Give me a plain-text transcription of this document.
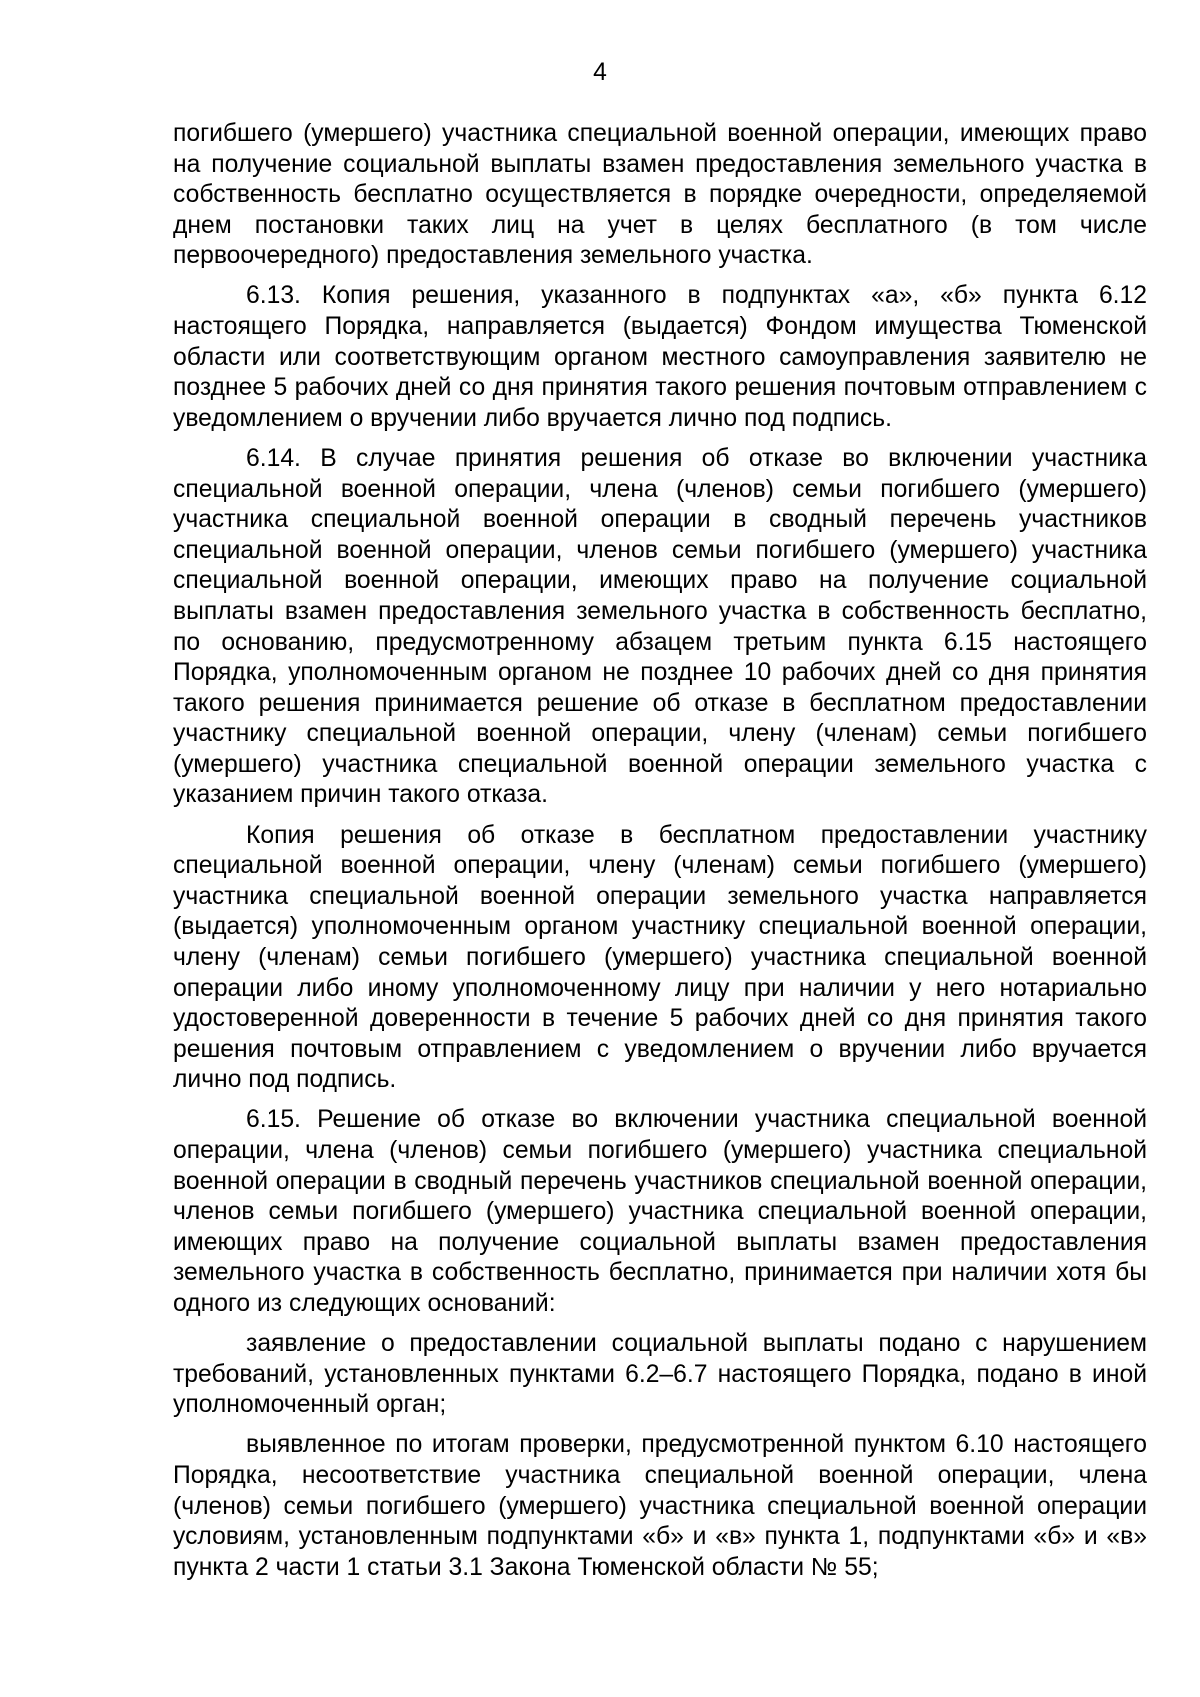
4

погибшего (умершего) участника специальной военной операции, имеющих право на получение социальной выплаты взамен предоставления земельного участка в собственность бесплатно осуществляется в порядке очередности, определяемой днем постановки таких лиц на учет в целях бесплатного (в том числе первоочередного) предоставления земельного участка.

6.13. Копия решения, указанного в подпунктах «а», «б» пункта 6.12 настоящего Порядка, направляется (выдается) Фондом имущества Тюменской области или соответствующим органом местного самоуправления заявителю не позднее 5 рабочих дней со дня принятия такого решения почтовым отправлением с уведомлением о вручении либо вручается лично под подпись.

6.14. В случае принятия решения об отказе во включении участника специальной военной операции, члена (членов) семьи погибшего (умершего) участника специальной военной операции в сводный перечень участников специальной военной операции, членов семьи погибшего (умершего) участника специальной военной операции, имеющих право на получение социальной выплаты взамен предоставления земельного участка в собственность бесплатно, по основанию, предусмотренному абзацем третьим пункта 6.15 настоящего Порядка, уполномоченным органом не позднее 10 рабочих дней со дня принятия такого решения принимается решение об отказе в бесплатном предоставлении участнику специальной военной операции, члену (членам) семьи погибшего (умершего) участника специальной военной операции земельного участка с указанием причин такого отказа.

Копия решения об отказе в бесплатном предоставлении участнику специальной военной операции, члену (членам) семьи погибшего (умершего) участника специальной военной операции земельного участка направляется (выдается) уполномоченным органом участнику специальной военной операции, члену (членам) семьи погибшего (умершего) участника специальной военной операции либо иному уполномоченному лицу при наличии у него нотариально удостоверенной доверенности в течение 5 рабочих дней со дня принятия такого решения почтовым отправлением с уведомлением о вручении либо вручается лично под подпись.

6.15. Решение об отказе во включении участника специальной военной операции, члена (членов) семьи погибшего (умершего) участника специальной военной операции в сводный перечень участников специальной военной операции, членов семьи погибшего (умершего) участника специальной военной операции, имеющих право на получение социальной выплаты взамен предоставления земельного участка в собственность бесплатно, принимается при наличии хотя бы одного из следующих оснований:

заявление о предоставлении социальной выплаты подано с нарушением требований, установленных пунктами 6.2–6.7 настоящего Порядка, подано в иной уполномоченный орган;

выявленное по итогам проверки, предусмотренной пунктом 6.10 настоящего Порядка, несоответствие участника специальной военной операции, члена (членов) семьи погибшего (умершего) участника специальной военной операции условиям, установленным подпунктами «б» и «в» пункта 1, подпунктами «б» и «в» пункта 2 части 1 статьи 3.1 Закона Тюменской области № 55;
